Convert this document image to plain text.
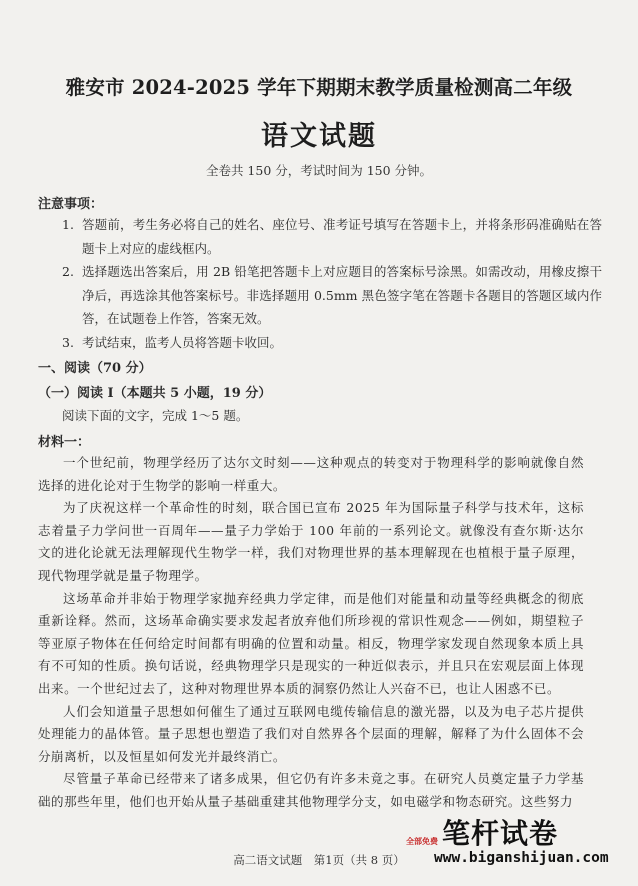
雅安市 2024-2025 学年下期期末教学质量检测高二年级
语文试题
全卷共 150 分，考试时间为 150 分钟。
注意事项：
1. 答题前，考生务必将自己的姓名、座位号、准考证号填写在答题卡上，并将条形码准确贴在答题卡上对应的虚线框内。
2. 选择题选出答案后，用 2B 铅笔把答题卡上对应题目的答案标号涂黑。如需改动，用橡皮擦干净后，再选涂其他答案标号。非选择题用 0.5mm 黑色签字笔在答题卡各题目的答题区域内作答，在试题卷上作答，答案无效。
3. 考试结束，监考人员将答题卡收回。
一、阅读（70 分）
（一）阅读 I（本题共 5 小题，19 分）
阅读下面的文字，完成 1～5 题。
材料一：

一个世纪前，物理学经历了达尔文时刻——这种观点的转变对于物理科学的影响就像自然选择的进化论对于生物学的影响一样重大。

为了庆祝这样一个革命性的时刻，联合国已宣布 2025 年为国际量子科学与技术年，这标志着量子力学问世一百周年——量子力学始于 100 年前的一系列论文。就像没有查尔斯·达尔文的进化论就无法理解现代生物学一样，我们对物理世界的基本理解现在也植根于量子原理，现代物理学就是量子物理学。

这场革命并非始于物理学家抛弃经典力学定律，而是他们对能量和动量等经典概念的彻底重新诠释。然而，这场革命确实要求发起者放弃他们所珍视的常识性观念——例如，期望粒子等亚原子物体在任何给定时间都有明确的位置和动量。相反，物理学家发现自然现象本质上具有不可知的性质。换句话说，经典物理学只是现实的一种近似表示，并且只在宏观层面上体现出来。一个世纪过去了，这种对物理世界本质的洞察仍然让人兴奋不已，也让人困惑不已。

人们会知道量子思想如何催生了通过互联网电缆传输信息的激光器，以及为电子芯片提供处理能力的晶体管。量子思想也塑造了我们对自然界各个层面的理解，解释了为什么固体不会分崩离析，以及恒星如何发光并最终消亡。

尽管量子革命已经带来了诸多成果，但它仍有许多未竟之事。在研究人员奠定量子力学基础的那些年里，他们也开始从量子基础重建其他物理学分支，如电磁学和物态研究。这些努力

高二语文试题　第1页（共 8 页）
笔杆试卷
全部免费
www.biganshijuan.com
